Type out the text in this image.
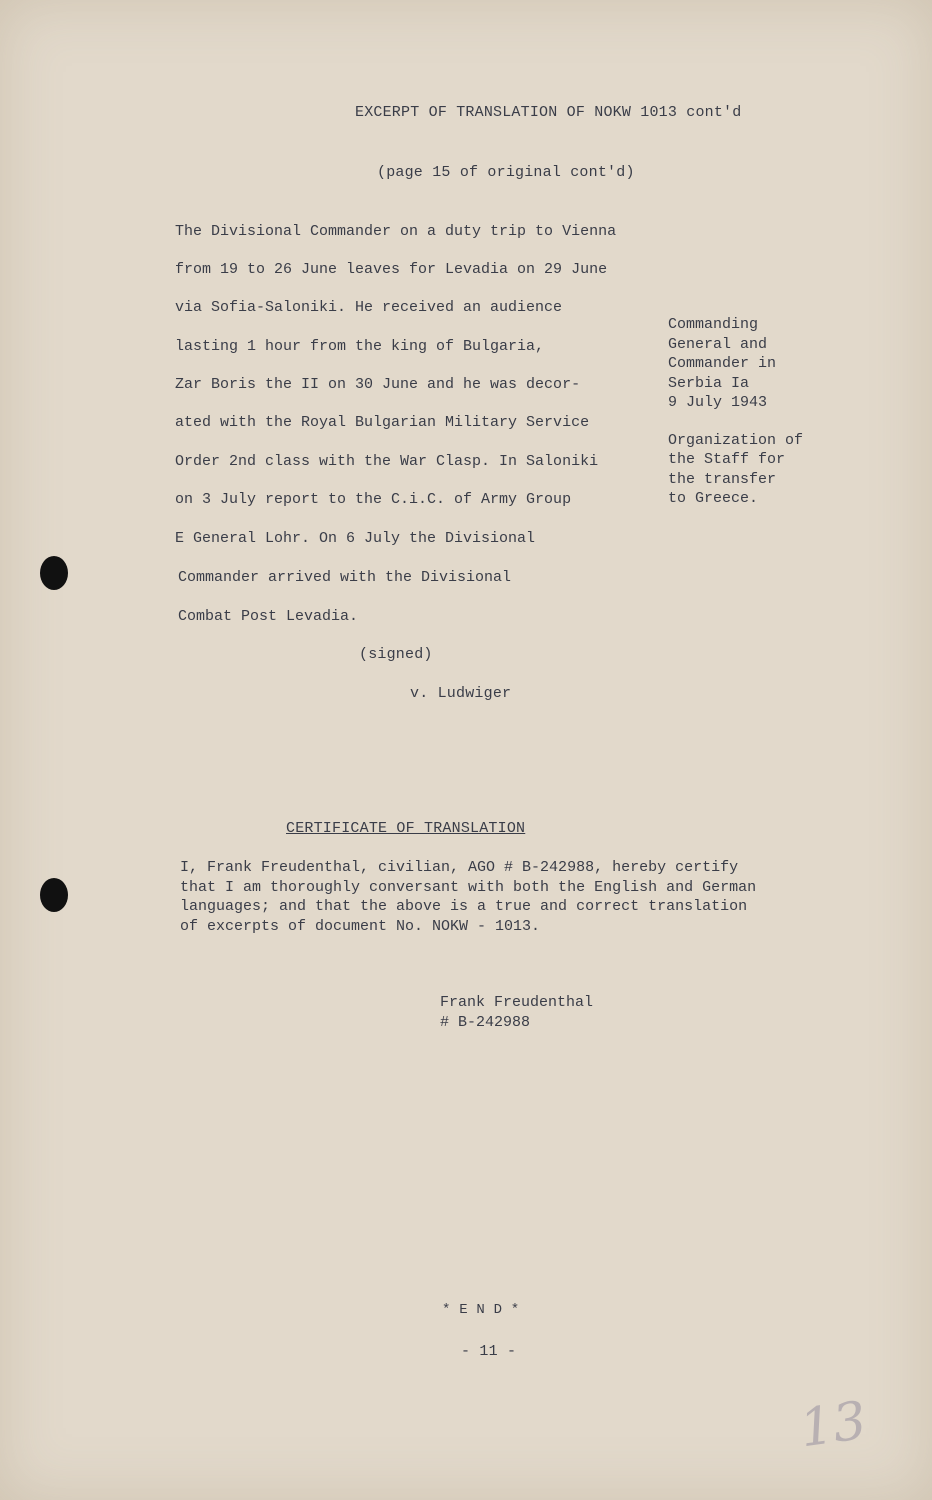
EXCERPT OF TRANSLATION OF NOKW 1013 cont'd
(page 15 of original cont'd)
The Divisional Commander on a duty trip to Vienna
from 19 to 26 June leaves for Levadia on 29 June
via Sofia-Saloniki. He received an audience
lasting 1 hour from the king of Bulgaria,
Zar Boris the II on 30 June and he was decor-
ated with the Royal Bulgarian Military Service
Order 2nd class with the War Clasp. In Saloniki
on 3 July report to the C.i.C. of Army Group
E General Lohr. On 6 July the Divisional
Commander arrived with the Divisional
Combat Post Levadia.
(signed)
v. Ludwiger

Commanding

General and

Commander in

Serbia Ia

9 July 1943

Organization of

the Staff for

the transfer

to Greece.

CERTIFICATE OF TRANSLATION

I, Frank Freudenthal, civilian, AGO # B-242988, hereby certify

that I am thoroughly conversant with both the English and German

languages; and that the above is a true and correct translation

of excerpts of document No. NOKW - 1013.

Frank Freudenthal

# B-242988

* E N D *
- 11 -
13
